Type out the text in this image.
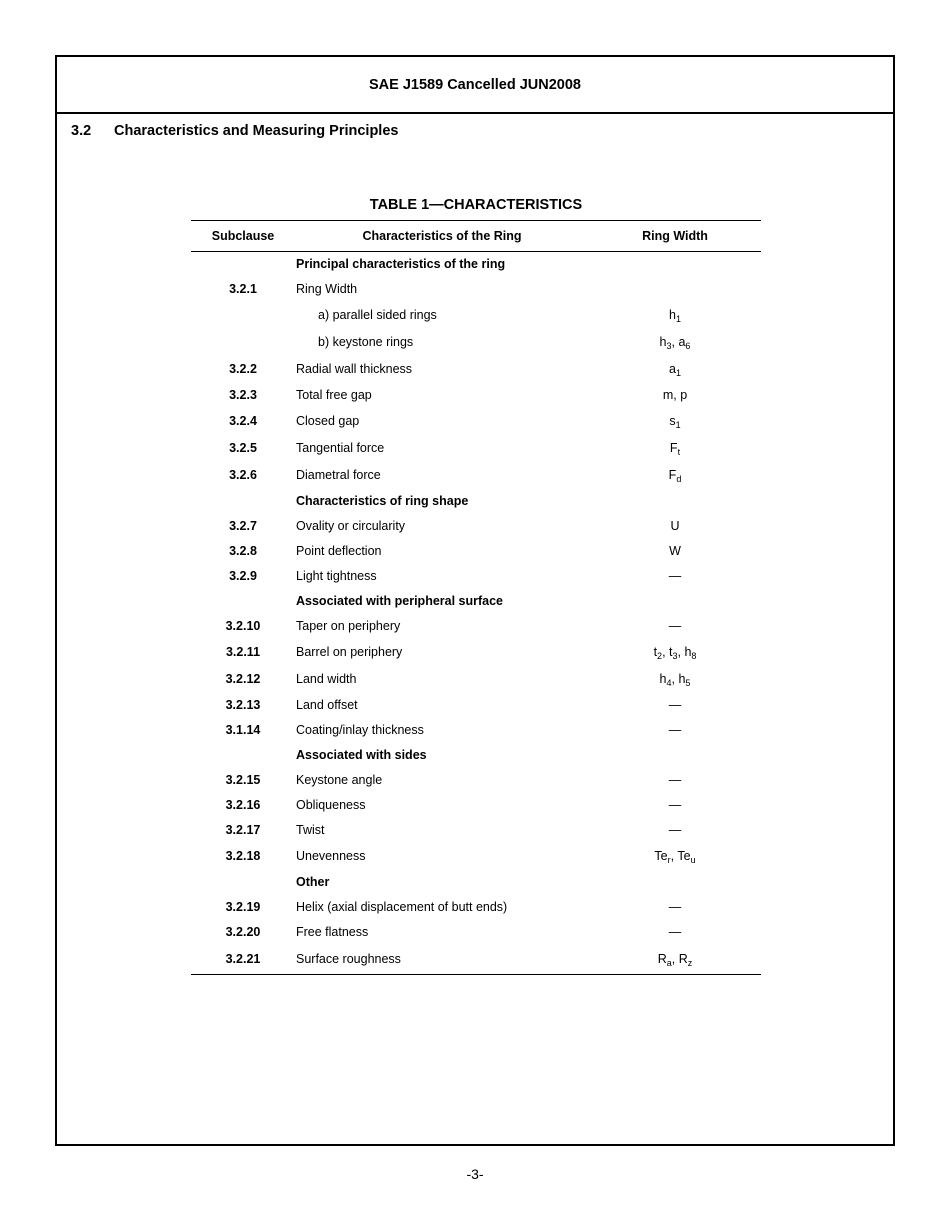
SAE J1589 Cancelled JUN2008
3.2	Characteristics and Measuring Principles
TABLE 1—CHARACTERISTICS
Subclause	Characteristics of the Ring	Ring Width
	Principal characteristics of the ring	
3.2.1	Ring Width	
	a) parallel sided rings	$h_1$
	b) keystone rings	$h_3$, $a_6$
3.2.2	Radial wall thickness	$a_1$
3.2.3	Total free gap	m, p
3.2.4	Closed gap	$s_1$
3.2.5	Tangential force	$F_t$
3.2.6	Diametral force	$F_d$
	Characteristics of ring shape	
3.2.7	Ovality or circularity	U
3.2.8	Point deflection	W
3.2.9	Light tightness	—
	Associated with peripheral surface	
3.2.10	Taper on periphery	—
3.2.11	Barrel on periphery	$t_2$, $t_3$, $h_8$
3.2.12	Land width	$h_4$, $h_5$
3.2.13	Land offset	—
3.1.14	Coating/inlay thickness	—
	Associated with sides	
3.2.15	Keystone angle	—
3.2.16	Obliqueness	—
3.2.17	Twist	—
3.2.18	Unevenness	$Te_r$, $Te_u$
	Other	
3.2.19	Helix (axial displacement of butt ends)	—
3.2.20	Free flatness	—
3.2.21	Surface roughness	$R_a$, $R_z$
-3-
